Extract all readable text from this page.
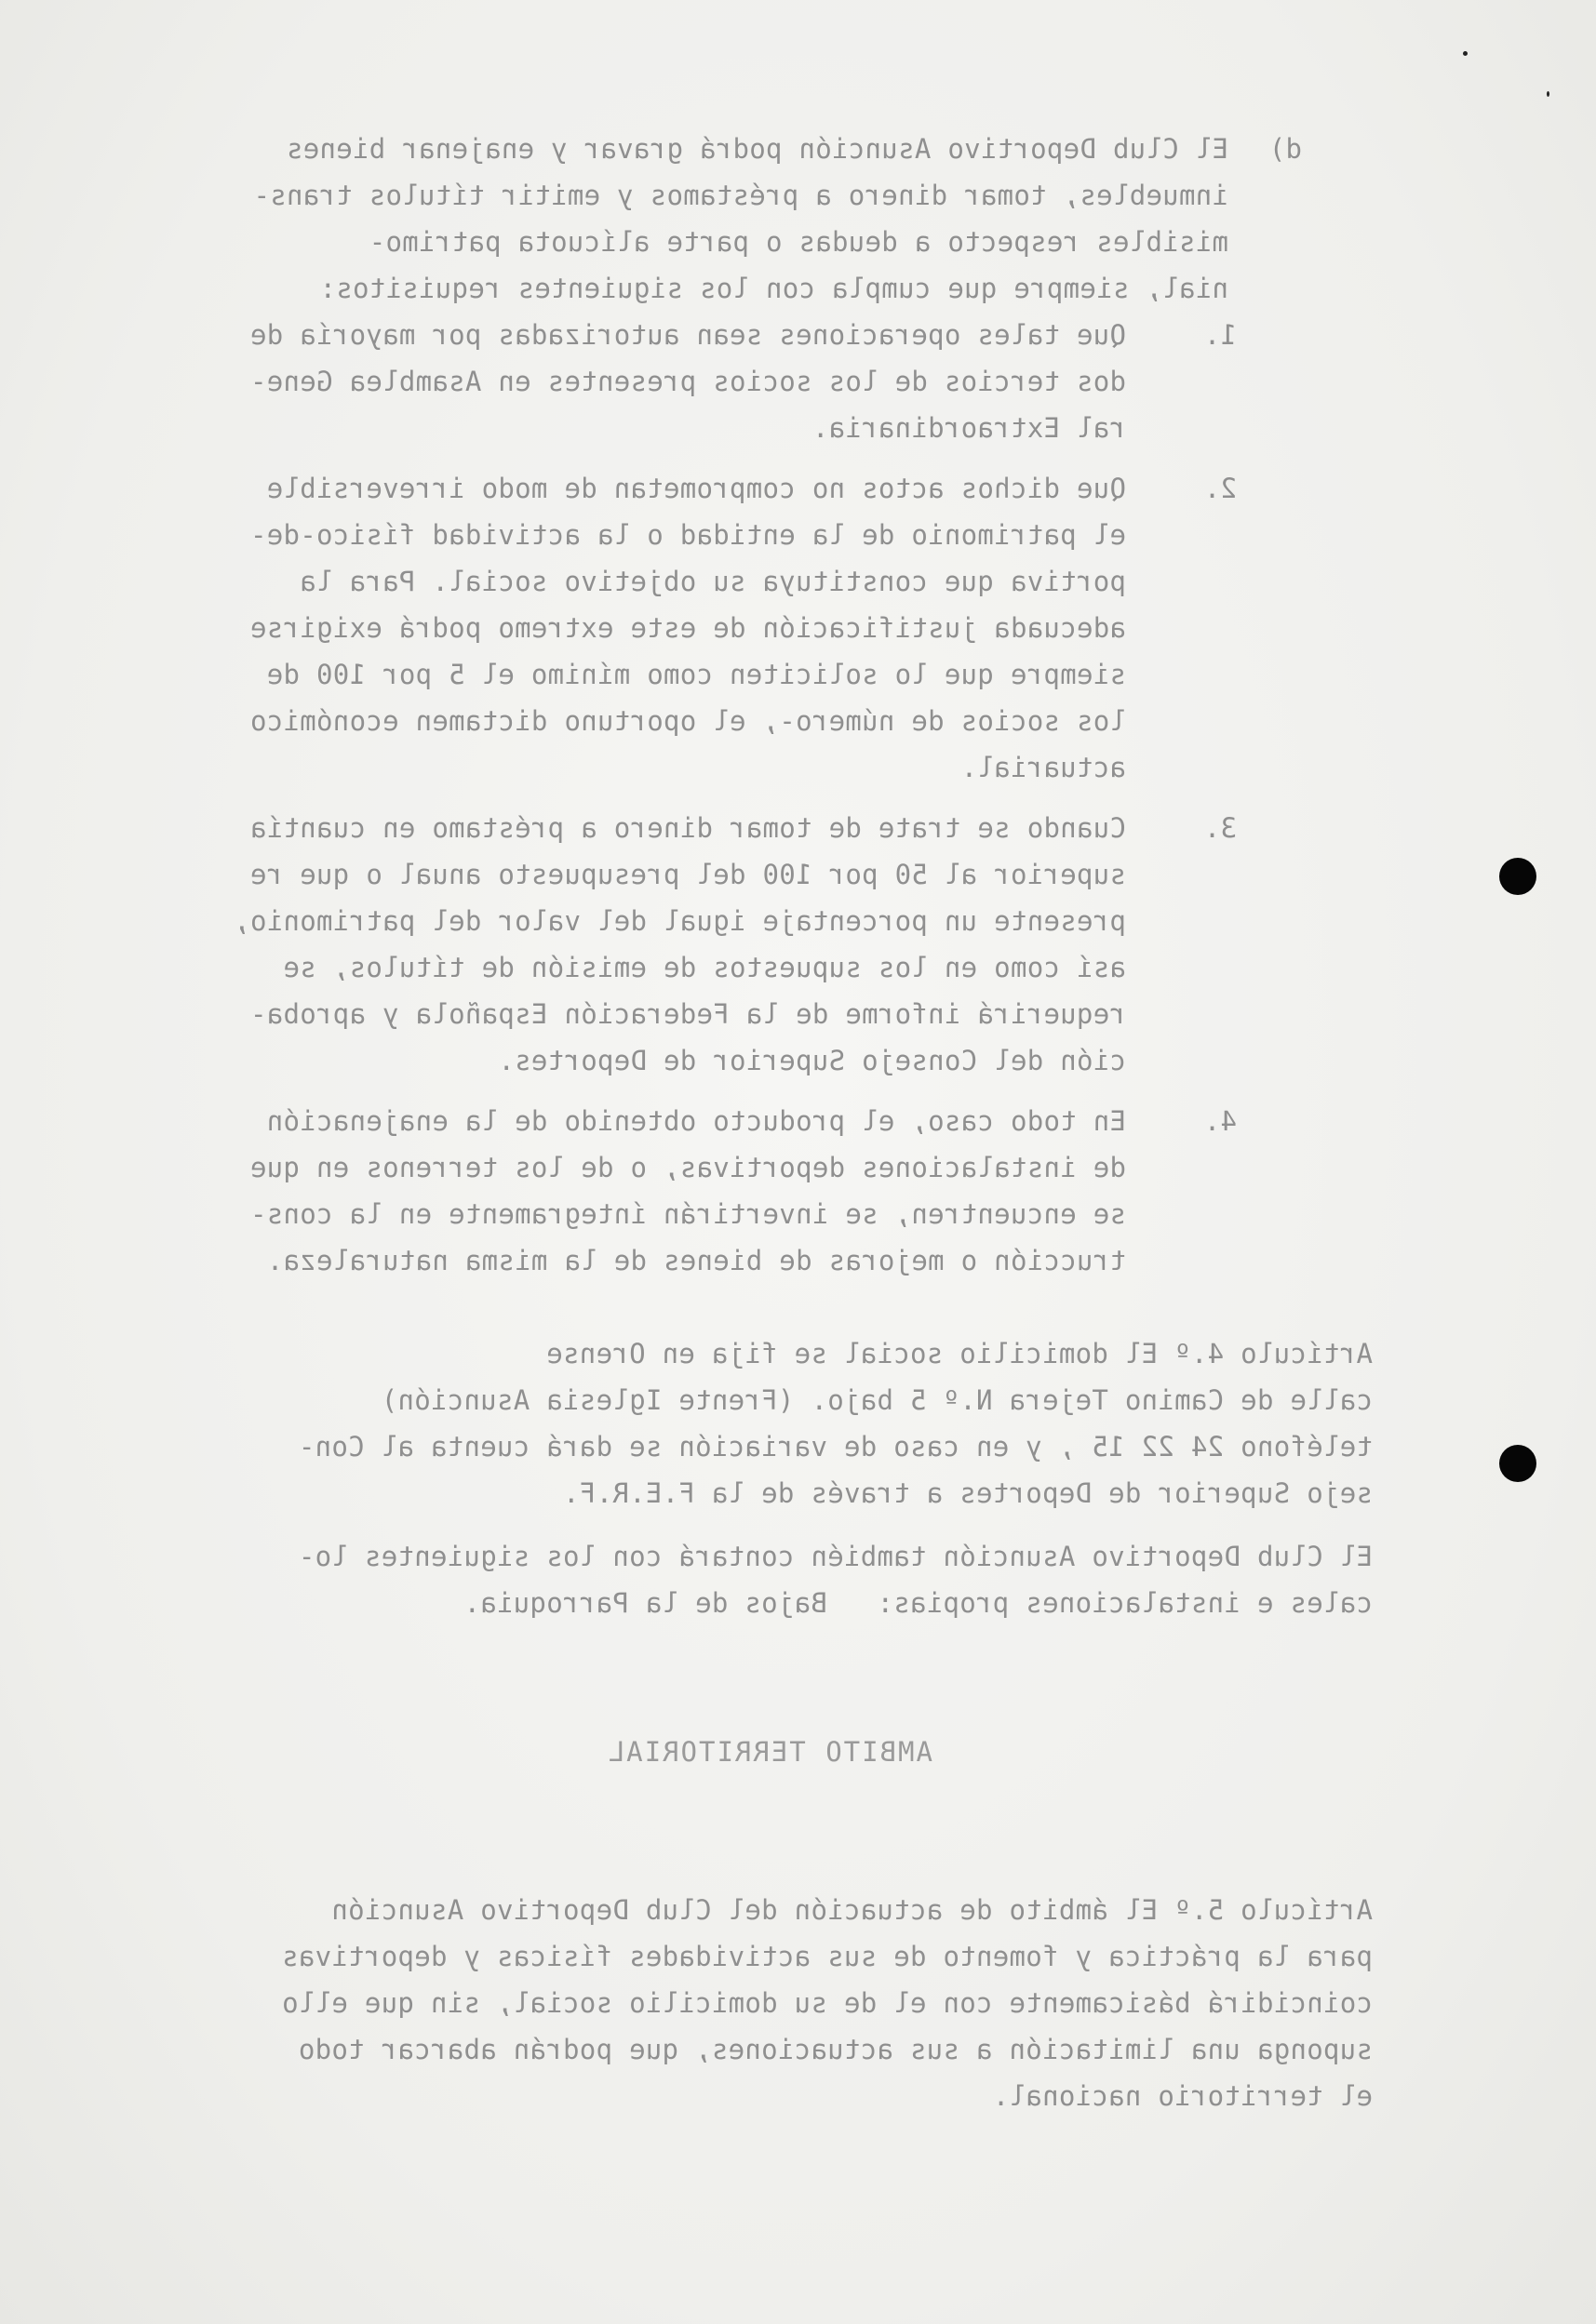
d)

El Club Deportivo Asunción podrá gravar y enajenar bienes

inmuebles, tomar dinero a préstamos y emitir títulos trans-

misibles respecto a deudas o parte alícuota patrimo-

nial, siempre que cumpla con los siguientes requisitos:

1.

Que tales operaciones sean autorizadas por mayoría de

dos tercios de los socios presentes en Asamblea Gene-

ral Extraordinaria.

2.

Que dichos actos no comprometan de modo irreversible

el patrimonio de la entidad o la actividad físico-de-

portiva que constituya su objetivo social. Para la

adecuada justificación de este extremo podrá exigirse

siempre que lo soliciten como mínimo el 5 por 100 de

los socios de número-, el oportuno dictamen económico

actuarial.

3.

Cuando se trate de tomar dinero a préstamo en cuantía

superior al 50 por 100 del presupuesto anual o que re

presente un porcentaje igual del valor del patrimonio,

así como en los supuestos de emisión de títulos, se

requerirá informe de la Federación Española y aproba-

ción del Consejo Superior de Deportes.

4.

En todo caso, el producto obtenido de la enajenación

de instalaciones deportivas, o de los terrenos en que

se encuentren, se invertirán íntegramente en la cons-

trucción o mejoras de bienes de la misma naturaleza.

Artículo 4.º El domicilio social se fija en Orense

calle de Camino Tejera N.º 5 bajo. (Frente Iglesia Asunción)

teléfono 24 22 15 , y en caso de variación se dará cuenta al Con-

sejo Superior de Deportes a través de la F.E.R.F.

El Club Deportivo Asunción también contará con los siguientes lo-

cales e instalaciones propias:   Bajos de la Parroquia.

AMBITO TERRITORIAL

Artículo 5.º El ámbito de actuación del Club Deportivo Asunción

para la práctica y fomento de sus actividades físicas y deportivas

coincidirá básicamente con el de su domicilio social, sin que ello

suponga una limitación a sus actuaciones, que podrán abarcar todo

el territorio nacional.
